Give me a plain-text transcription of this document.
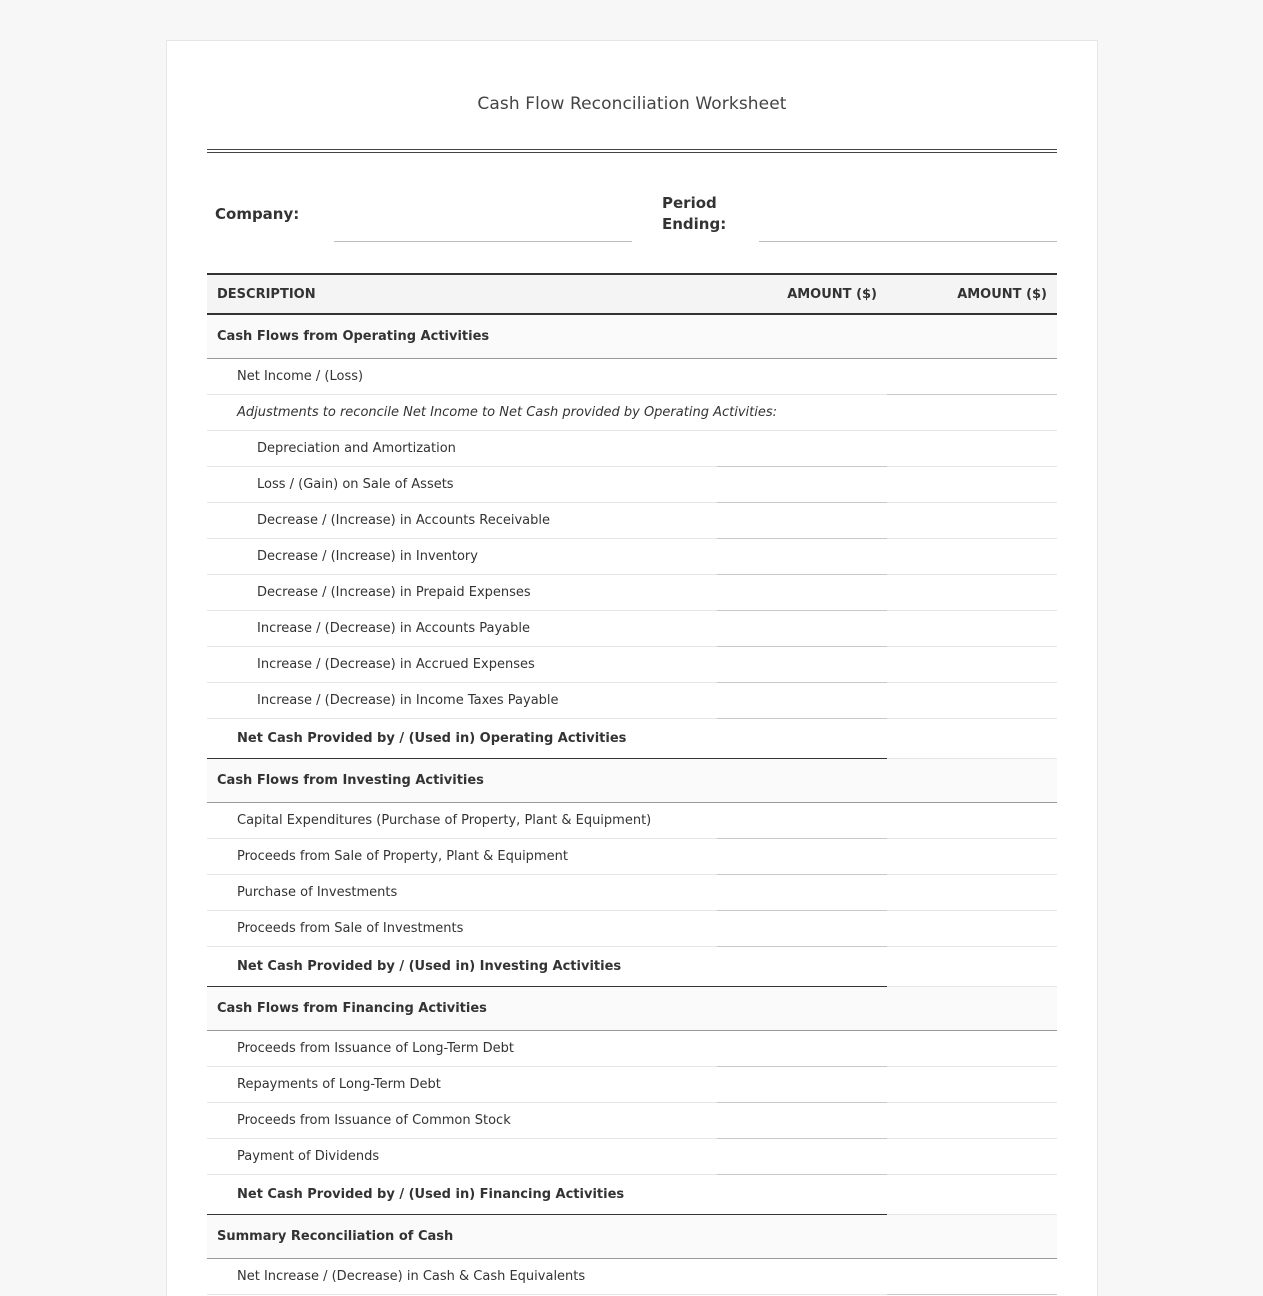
Cash Flow Reconciliation Worksheet
Company:
Period
Ending:
DESCRIPTION	AMOUNT ($)	AMOUNT ($)
Cash Flows from Operating Activities		
Net Income / (Loss)		
Adjustments to reconcile Net Income to Net Cash provided by Operating Activities:		
Depreciation and Amortization		
Loss / (Gain) on Sale of Assets		
Decrease / (Increase) in Accounts Receivable		
Decrease / (Increase) in Inventory		
Decrease / (Increase) in Prepaid Expenses		
Increase / (Decrease) in Accounts Payable		
Increase / (Decrease) in Accrued Expenses		
Increase / (Decrease) in Income Taxes Payable		
Net Cash Provided by / (Used in) Operating Activities		
Cash Flows from Investing Activities		
Capital Expenditures (Purchase of Property, Plant & Equipment)		
Proceeds from Sale of Property, Plant & Equipment		
Purchase of Investments		
Proceeds from Sale of Investments		
Net Cash Provided by / (Used in) Investing Activities		
Cash Flows from Financing Activities		
Proceeds from Issuance of Long-Term Debt		
Repayments of Long-Term Debt		
Proceeds from Issuance of Common Stock		
Payment of Dividends		
Net Cash Provided by / (Used in) Financing Activities		
Summary Reconciliation of Cash		
Net Increase / (Decrease) in Cash & Cash Equivalents		
